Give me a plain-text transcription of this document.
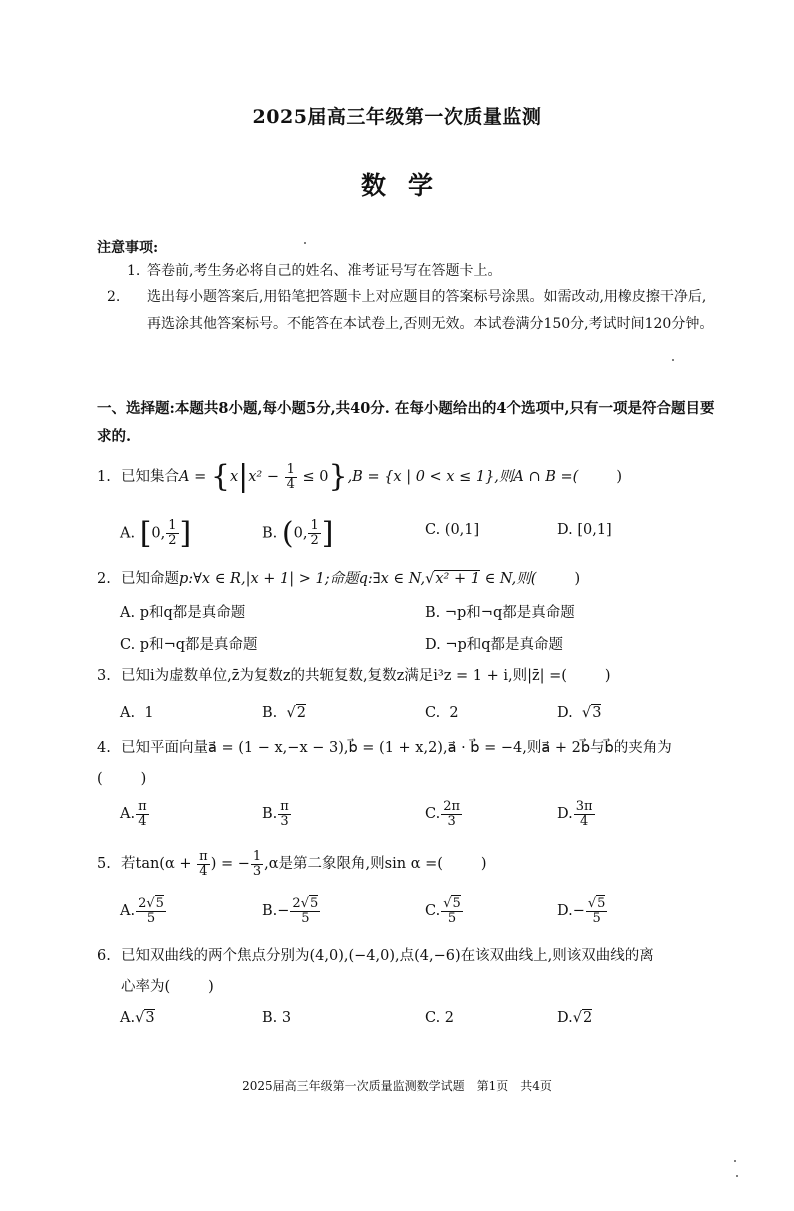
2025届高三年级第一次质量监测
数学
注意事项:
1. 答卷前,考生务必将自己的姓名、准考证号写在答题卡上。
2. 选出每小题答案后,用铅笔把答题卡上对应题目的答案标号涂黑。如需改动,用橡皮擦干净后,再选涂其他答案标号。不能答在本试卷上,否则无效。本试卷满分150分,考试时间120分钟。
一、选择题:本题共8小题,每小题5分,共40分. 在每小题给出的4个选项中,只有一项是符合题目要求的.
1. 已知集合$A = \{x|x^2 - \frac{1}{4} \le 0\},B = \{x$ | 0 < x ≤ 1},则A ∩ B =(	)
A. [0, $\frac{1}{2}$ ]	B. (0, $\frac{1}{2}$ ]	C. (0,1]	D. [0,1]
2. 已知命题p:∀x ∈ R,|x + 1| > 1;命题q:∃x ∈ N,√x² + 1 ∈ N,则(	)
A. p和q都是真命题	B. ¬p和¬q都是真命题
C. p和¬q都是真命题	D. ¬p和q都是真命题
3. 已知i为虚数单位,z̄为复数z的共轭复数,复数z满足i³z = 1 + i,则|z̄| =(	)
A. 1	B.  √2	C. 2	D.  √3
4. 已知平面向量a⃗ = (1 − x,−x − 3),b⃗ = (1 + x,2),a⃗ · b⃗ = −4,则a⃗ + 2b⃗与b⃗的夹角为
(	)
A. $\frac{\pi}{4}$	B. $\frac{\pi}{3}$	C. $\frac{2\pi}{3}$	D. $\frac{3\pi}{4}$
5. 若$\tan(\alpha + \frac{\pi}{4}$ ) = − $\frac{1}{3} ,\alpha$是第二象限角,则sin α =(	)
A. $\frac{2√5}{5}$	$B.- \frac{2√5}{5}$	C. $\frac{√5}{5}$	$D.- \frac{√5}{5}$
6. 已知双曲线的两个焦点分别为(4,0),(−4,0),点(4,−6)在该双曲线上,则该双曲线的离
心率为(	)
A.√3	B. 3	C. 2	D.√2
2025届高三年级第一次质量监测数学试题 第1页 共4页
